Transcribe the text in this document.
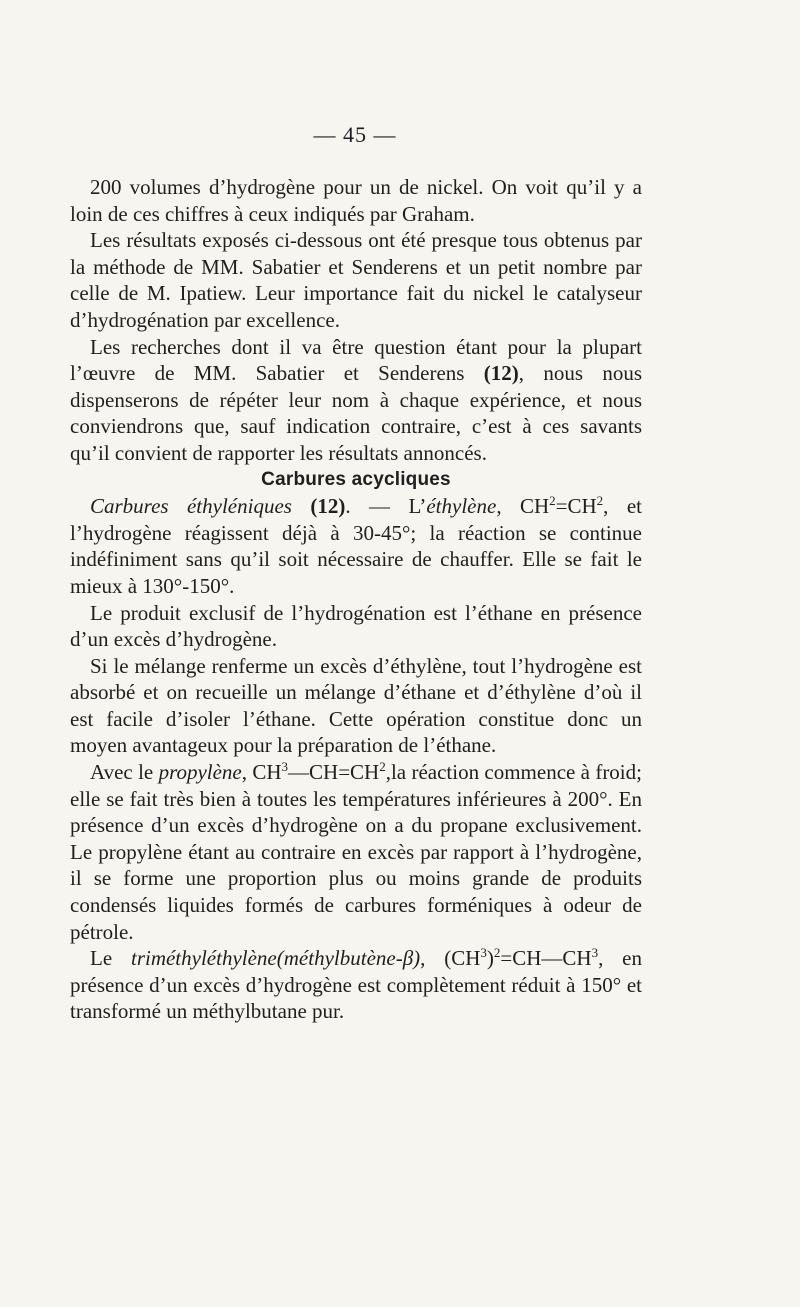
— 45 —

200 volumes d’hydrogène pour un de nickel. On voit qu’il y a loin de ces chiffres à ceux indiqués par Graham.

Les résultats exposés ci-dessous ont été presque tous obtenus par la méthode de MM. Sabatier et Senderens et un petit nombre par celle de M. Ipatiew. Leur importance fait du nickel le catalyseur d’hydrogénation par excellence.

Les recherches dont il va être question étant pour la plupart l’œuvre de MM. Sabatier et Senderens (12), nous nous dispenserons de répéter leur nom à chaque expérience, et nous conviendrons que, sauf indication contraire, c’est à ces savants qu’il convient de rapporter les résultats annoncés.

Carbures acycliques

Carbures éthyléniques (12). — L’éthylène, $CH^2=CH^2$, et l’hydrogène réagissent déjà à 30-45°; la réaction se continue indéfiniment sans qu’il soit nécessaire de chauffer. Elle se fait le mieux à 130°-150°.

Le produit exclusif de l’hydrogénation est l’éthane en présence d’un excès d’hydrogène.

Si le mélange renferme un excès d’éthylène, tout l’hydrogène est absorbé et on recueille un mélange d’éthane et d’éthylène d’où il est facile d’isoler l’éthane. Cette opération constitue donc un moyen avantageux pour la préparation de l’éthane.

Avec le propylène, $CH^3—CH=CH^2,la$ réaction commence à froid; elle se fait très bien à toutes les températures inférieures à 200°. En présence d’un excès d’hydrogène on a du propane exclusivement. Le propylène étant au contraire en excès par rapport à l’hydrogène, il se forme une proportion plus ou moins grande de produits condensés liquides formés de carbures forméniques à odeur de pétrole.

Le triméthyléthylène(méthylbutène-β), $(CH^3)^2=CH—CH^3$, en présence d’un excès d’hydrogène est complètement réduit à 150° et transformé un méthylbutane pur.
